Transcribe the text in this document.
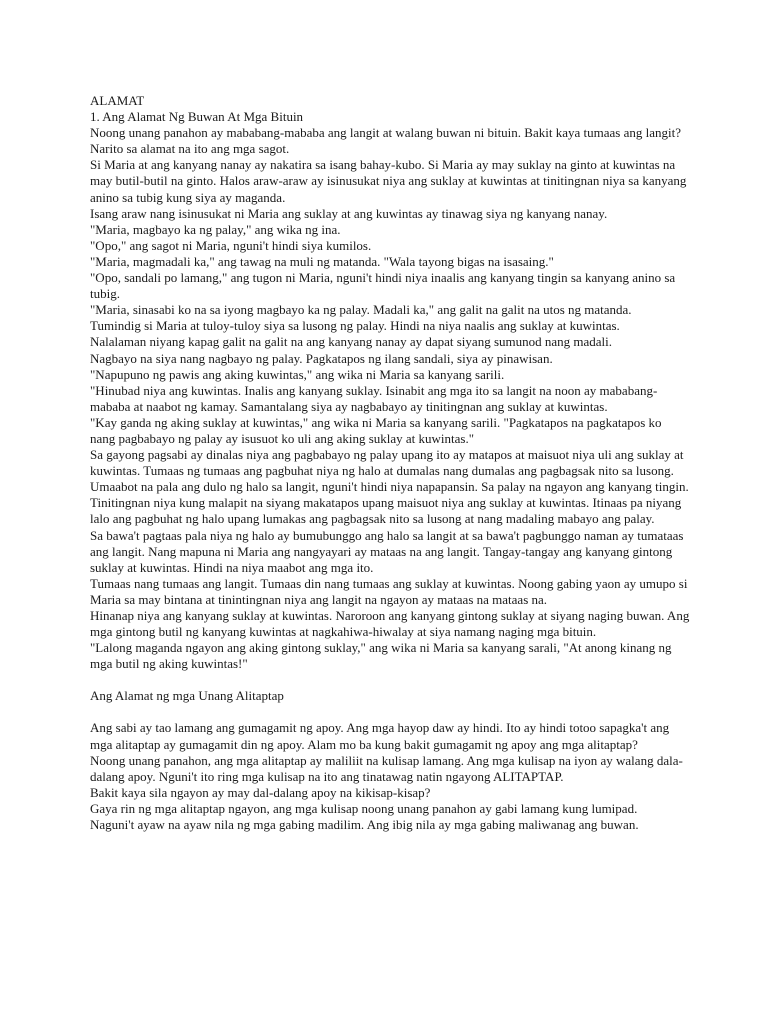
ALAMAT

1. Ang Alamat Ng Buwan At Mga Bituin

Noong unang panahon ay mababang-mababa ang langit at walang buwan ni bituin. Bakit kaya tumaas ang langit? Narito sa alamat na ito ang mga sagot.

Si Maria at ang kanyang nanay ay nakatira sa isang bahay-kubo. Si Maria ay may suklay na ginto at kuwintas na may butil-butil na ginto. Halos araw-araw ay isinusukat niya ang suklay at kuwintas at tinitingnan niya sa kanyang anino sa tubig kung siya ay maganda.

Isang araw nang isinusukat ni Maria ang suklay at ang kuwintas ay tinawag siya ng kanyang nanay.

"Maria, magbayo ka ng palay," ang wika ng ina.

"Opo," ang sagot ni Maria, nguni't hindi siya kumilos.

"Maria, magmadali ka," ang tawag na muli ng matanda. "Wala tayong bigas na isasaing."

"Opo, sandali po lamang," ang tugon ni Maria, nguni't hindi niya inaalis ang kanyang tingin sa kanyang anino sa tubig.

"Maria, sinasabi ko na sa iyong magbayo ka ng palay. Madali ka," ang galit na galit na utos ng matanda.

Tumindig si Maria at tuloy-tuloy siya sa lusong ng palay. Hindi na niya naalis ang suklay at kuwintas.

Nalalaman niyang kapag galit na galit na ang kanyang nanay ay dapat siyang sumunod nang madali.

Nagbayo na siya nang nagbayo ng palay. Pagkatapos ng ilang sandali, siya ay pinawisan.

"Napupuno ng pawis ang aking kuwintas," ang wika ni Maria sa kanyang sarili.

"Hinubad niya ang kuwintas. Inalis ang kanyang suklay. Isinabit ang mga ito sa langit na noon ay mababang-mababa at naabot ng kamay. Samantalang siya ay nagbabayo ay tinitingnan ang suklay at kuwintas.

"Kay ganda ng aking suklay at kuwintas," ang wika ni Maria sa kanyang sarili. "Pagkatapos na pagkatapos ko nang pagbabayo ng palay ay isusuot ko uli ang aking suklay at kuwintas."

Sa gayong pagsabi ay dinalas niya ang pagbabayo ng palay upang ito ay matapos at maisuot niya uli ang suklay at kuwintas. Tumaas ng tumaas ang pagbuhat niya ng halo at dumalas nang dumalas ang pagbagsak nito sa lusong. Umaabot na pala ang dulo ng halo sa langit, nguni't hindi niya napapansin. Sa palay na ngayon ang kanyang tingin. Tinitingnan niya kung malapit na siyang makatapos upang maisuot niya ang suklay at kuwintas. Itinaas pa niyang lalo ang pagbuhat ng halo upang lumakas ang pagbagsak nito sa lusong at nang madaling mabayo ang palay.

Sa bawa't pagtaas pala niya ng halo ay bumubunggo ang halo sa langit at sa bawa't pagbunggo naman ay tumataas ang langit. Nang mapuna ni Maria ang nangyayari ay mataas na ang langit. Tangay-tangay ang kanyang gintong suklay at kuwintas. Hindi na niya maabot ang mga ito.

Tumaas nang tumaas ang langit. Tumaas din nang tumaas ang suklay at kuwintas. Noong gabing yaon ay umupo si Maria sa may bintana at tinintingnan niya ang langit na ngayon ay mataas na mataas na.

Hinanap niya ang kanyang suklay at kuwintas. Naroroon ang kanyang gintong suklay at siyang naging buwan. Ang mga gintong butil ng kanyang kuwintas at nagkahiwa-hiwalay at siya namang naging mga bituin.

"Lalong maganda ngayon ang aking gintong suklay," ang wika ni Maria sa kanyang sarali, "At anong kinang ng mga butil ng aking kuwintas!"

Ang Alamat ng mga Unang Alitaptap

Ang sabi ay tao lamang ang gumagamit ng apoy. Ang mga hayop daw ay hindi. Ito ay hindi totoo sapagka't ang mga alitaptap ay gumagamit din ng apoy. Alam mo ba kung bakit gumagamit ng apoy ang mga alitaptap?

Noong unang panahon, ang mga alitaptap ay maliliit na kulisap lamang. Ang mga kulisap na iyon ay walang dala-dalang apoy. Nguni't ito ring mga kulisap na ito ang tinatawag natin ngayong ALITAPTAP.

Bakit kaya sila ngayon ay may dal-dalang apoy na kikisap-kisap?

Gaya rin ng mga alitaptap ngayon, ang mga kulisap noong unang panahon ay gabi lamang kung lumipad.

Naguni't ayaw na ayaw nila ng mga gabing madilim. Ang ibig nila ay mga gabing maliwanag ang buwan.
